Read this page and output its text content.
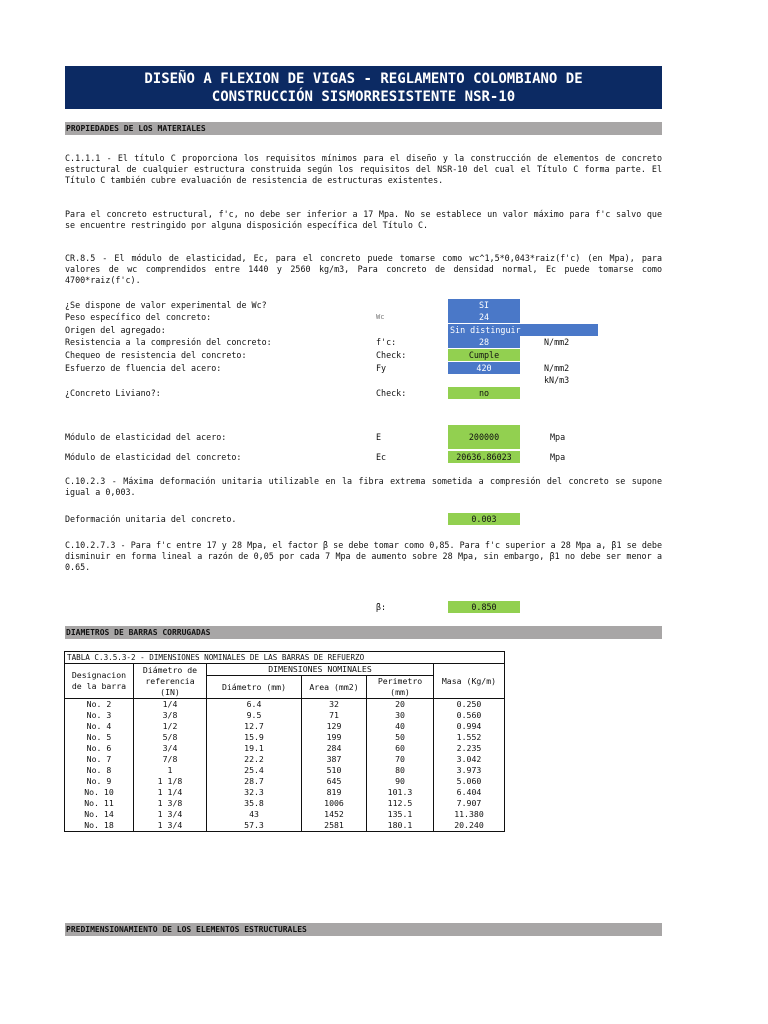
DISEÑO A FLEXION DE VIGAS - REGLAMENTO COLOMBIANO DE
CONSTRUCCIÓN SISMORRESISTENTE NSR-10
PROPIEDADES DE LOS MATERIALES
C.1.1.1 - El título C proporciona los requisitos mínimos para el diseño y la construcción de elementos de concreto estructural de cualquier estructura construida según los requisitos del NSR-10 del cual el Título C forma parte. El Título C también cubre evaluación de resistencia de estructuras existentes.
Para el concreto estructural, f'c, no debe ser inferior a 17 Mpa. No se establece un valor máximo para f'c salvo que se encuentre restringido por alguna disposición específica del Título C.
CR.8.5 - El módulo de elasticidad, Ec, para el concreto puede tomarse como wc^1,5*0,043*raiz(f'c) (en Mpa), para valores de wc comprendidos entre 1440 y 2560 kg/m3, Para concreto de densidad normal, Ec puede tomarse como 4700*raiz(f'c).
¿Se dispone de valor experimental de Wc?	SI
Peso específico del concreto:	Wc	24
Origen del agregado:	Sin distinguir
Resistencia a la compresión del concreto:	f'c:	28	N/mm2
Chequeo de resistencia del concreto:	Check:	Cumple
Esfuerzo de fluencia del acero:	Fy	420	N/mm2
kN/m3
¿Concreto Liviano?:	Check:	no
Módulo de elasticidad del acero:	E	200000	Mpa
Módulo de elasticidad del concreto:	Ec	20636.86023	Mpa
C.10.2.3 - Máxima deformación unitaria utilizable en la fibra extrema sometida a compresión del concreto se supone igual a 0,003.
Deformación unitaria del concreto.	0.003
C.10.2.7.3 - Para f'c entre 17 y 28 Mpa, el factor β se debe tomar como 0,85. Para f'c superior a 28 Mpa a, β1 se debe disminuir en forma lineal a razón de 0,05 por cada 7 Mpa de aumento sobre 28 Mpa, sin embargo, β1 no debe ser menor a 0.65.
β:	0.850
DIAMETROS DE BARRAS CORRUGADAS
TABLA C.3.5.3-2 - DIMENSIONES NOMINALES DE LAS BARRAS DE REFUERZO					
Designacion de la barra	Diámetro de referencia (IN)	DIMENSIONES NOMINALES			Masa (Kg/m)
		Diámetro (mm)	Area (mm2)	Perimetro (mm)	
No. 2	1/4	6.4	32	20	0.250
No. 3	3/8	9.5	71	30	0.560
No. 4	1/2	12.7	129	40	0.994
No. 5	5/8	15.9	199	50	1.552
No. 6	3/4	19.1	284	60	2.235
No. 7	7/8	22.2	387	70	3.042
No. 8	1	25.4	510	80	3.973
No. 9	1 1/8	28.7	645	90	5.060
No. 10	1 1/4	32.3	819	101.3	6.404
No. 11	1 3/8	35.8	1006	112.5	7.907
No. 14	1 3/4	43	1452	135.1	11.380
No. 18	1 3/4	57.3	2581	180.1	20.240
PREDIMENSIONAMIENTO DE LOS ELEMENTOS ESTRUCTURALES
